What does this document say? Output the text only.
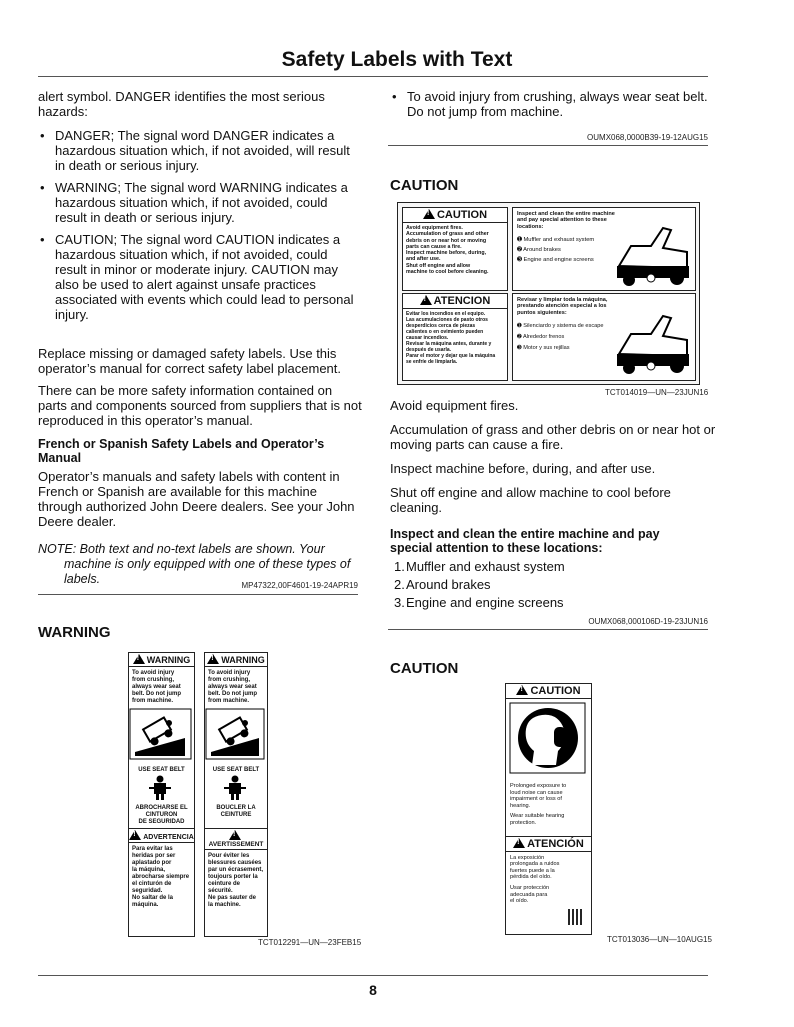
Safety Labels with Text

alert symbol. DANGER identifies the most serious hazards:

• DANGER; The signal word DANGER indicates a
hazardous situation which, if not avoided, will result
in death or serious injury.
• WARNING; The signal word WARNING indicates a
hazardous situation which, if not avoided, could
result in death or serious injury.
• CAUTION; The signal word CAUTION indicates a
hazardous situation which, if not avoided, could
result in minor or moderate injury. CAUTION may
also be used to alert against unsafe practices
associated with events which could lead to personal
injury.
Replace missing or damaged safety labels. Use this
operator’s manual for correct safety label placement.
There can be more safety information contained on
parts and components sourced from suppliers that is not
reproduced in this operator’s manual.
French or Spanish Safety Labels and Operator’s
Manual
Operator’s manuals and safety labels with content in
French or Spanish are available for this machine
through authorized John Deere dealers. See your John
Deere dealer.
NOTE: Both text and no-text labels are shown. Your
machine is only equipped with one of these types of
labels.	MP47322,00F4601-19-24APR19
WARNING
!WARNING
To avoid injury
from crushing,
always wear seat
belt. Do not jump
from machine.
USE SEAT BELT
ABROCHARSE EL
CINTURON
DE SEGURIDAD
!ADVERTENCIA
Para evitar las
heridas por ser
aplastado por
la máquina,
abrocharse siempre
el cinturón de
seguridad.
No saltar de la
máquina.
!WARNING
To avoid injury
from crushing,
always wear seat
belt. Do not jump
from machine.
USE SEAT BELT
BOUCLER LA
CEINTURE
!AVERTISSEMENT
Pour éviter les
blessures causées
par un écrasement,
toujours porter la
ceinture de sécurité.
Ne pas sauter de
la machine.
TCT012291—UN—23FEB15
• To avoid injury from crushing, always wear seat belt.
Do not jump from machine.
OUMX068,0000B39-19-12AUG15
CAUTION
!CAUTION
Avoid equipment fires.
Accumulation of grass and other
debris on or near hot or moving
parts can cause a fire.
Inspect machine before, during,
and after use.
Shut off engine and allow
machine to cool before cleaning.
Inspect and clean the entire machine
and pay special attention to these
locations:
➊ Muffler and exhaust system
➋ Around brakes
➌ Engine and engine screens
!ATENCION
Evitar los incendios en el equipo.
Las acumulaciones de pasto otros
desperdicios cerca de piezas
calientes o en ovimiento pueden
causar incendios.
Revisar la máquina antes, durante y
después de usarla.
Parar el motor y dejar que la máquina
se enfríe de limpiarla.
Revisar y limpiar toda la máquina,
prestando atención especial a los
puntos siguientes:
➊ Silenciardo y sistema de escape
➋ Alrededor frenos
➌ Motor y sus rejillas
TCT014019—UN—23JUN16
Avoid equipment fires.
Accumulation of grass and other debris on or near hot or
moving parts can cause a fire.
Inspect machine before, during, and after use.
Shut off engine and allow machine to cool before
cleaning.
Inspect and clean the entire machine and pay
special attention to these locations:
1. Muffler and exhaust system
2. Around brakes
3. Engine and engine screens
OUMX068,000106D-19-23JUN16
CAUTION
!CAUTION
Prolonged exposure to
loud noise can cause
impairment or loss of
hearing.
Wear suitable hearing
protection.
!ATENCIÓN
La exposición
prolongada a ruidos
fuertes puede a la
pérdida del oído.
Usar protección
adecuada para
el oído.
TCT013036—UN—10AUG15
8
